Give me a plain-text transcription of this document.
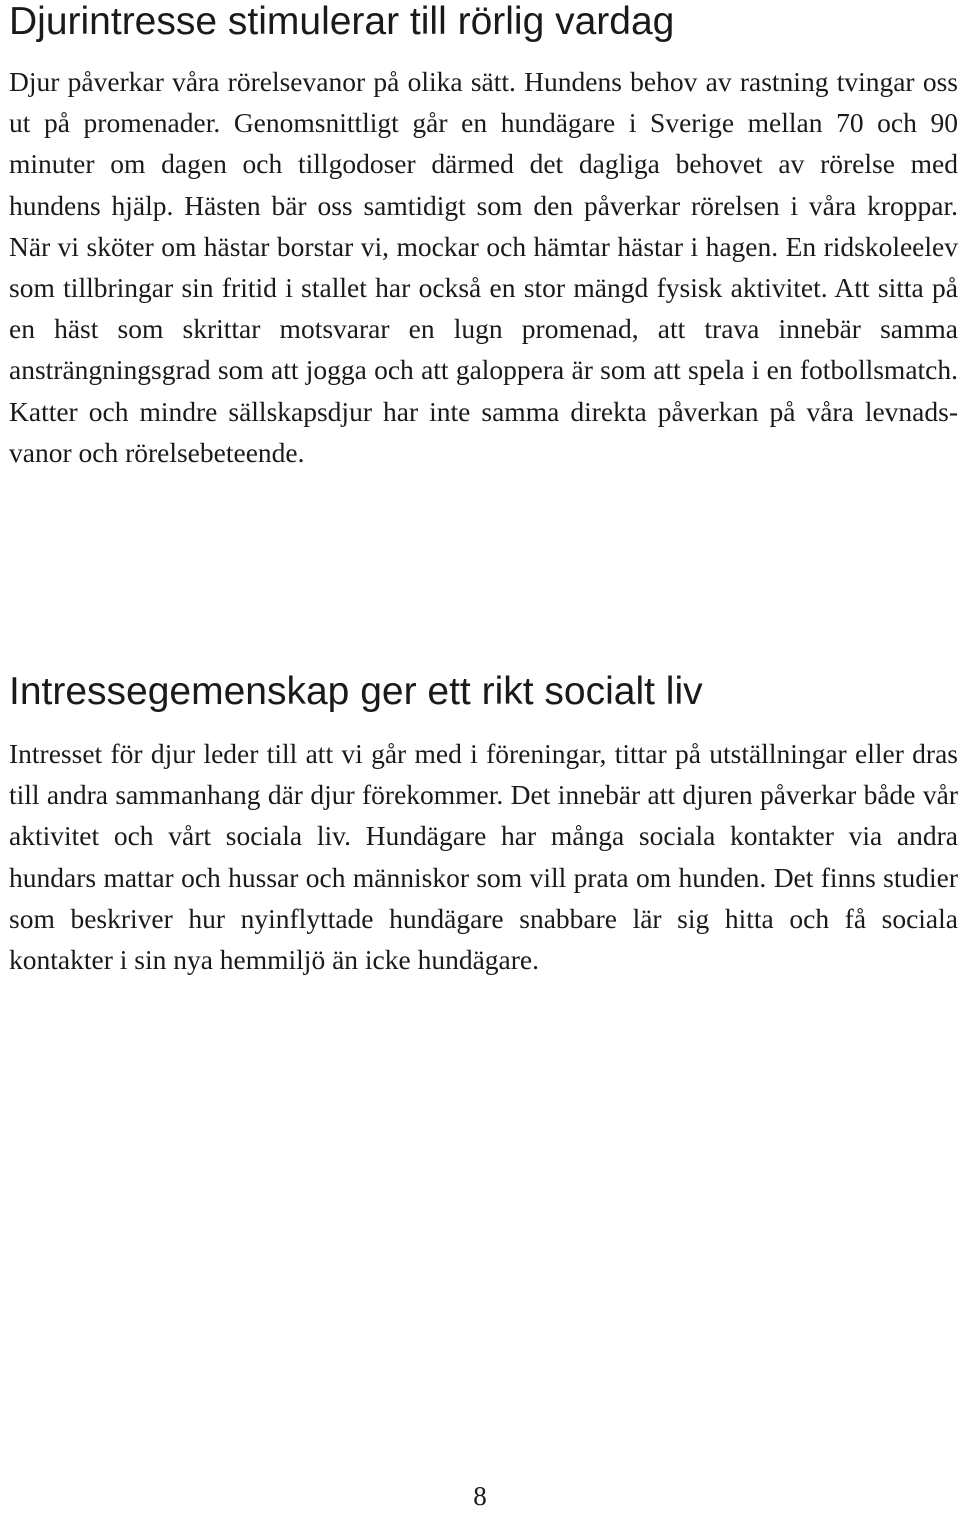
Djurintresse stimulerar till rörlig vardag

Djur påverkar våra rörelsevanor på olika sätt. Hundens behov av rastning tvingar oss ut på promenader. Genomsnittligt går en hundägare i Sverige mellan 70 och 90 minuter om dagen och tillgodoser därmed det dagliga behovet av rörelse med hundens hjälp. Hästen bär oss samtidigt som den påverkar rörelsen i våra kroppar. När vi sköter om hästar borstar vi, mockar och hämtar hästar i hagen. En ridskoleelev som tillbringar sin fritid i stallet har också en stor mängd fysisk aktivitet. Att sitta på en häst som skrittar motsvarar en lugn promenad, att trava innebär samma ansträngningsgrad som att jogga och att galoppera är som att spela i en fotbollsmatch. Katter och mindre sällskapsdjur har inte samma direkta påverkan på våra levnadsvanor och rörelsebeteende.

Intressegemenskap ger ett rikt socialt liv

Intresset för djur leder till att vi går med i föreningar, tittar på utställningar eller dras till andra sammanhang där djur förekommer. Det innebär att djuren påverkar både vår aktivitet och vårt sociala liv. Hundägare har många sociala kontakter via andra hundars mattar och hussar och människor som vill prata om hunden. Det finns studier som beskriver hur nyinflyttade hundägare snabbare lär sig hitta och få sociala kontakter i sin nya hemmiljö än icke hundägare.

8
